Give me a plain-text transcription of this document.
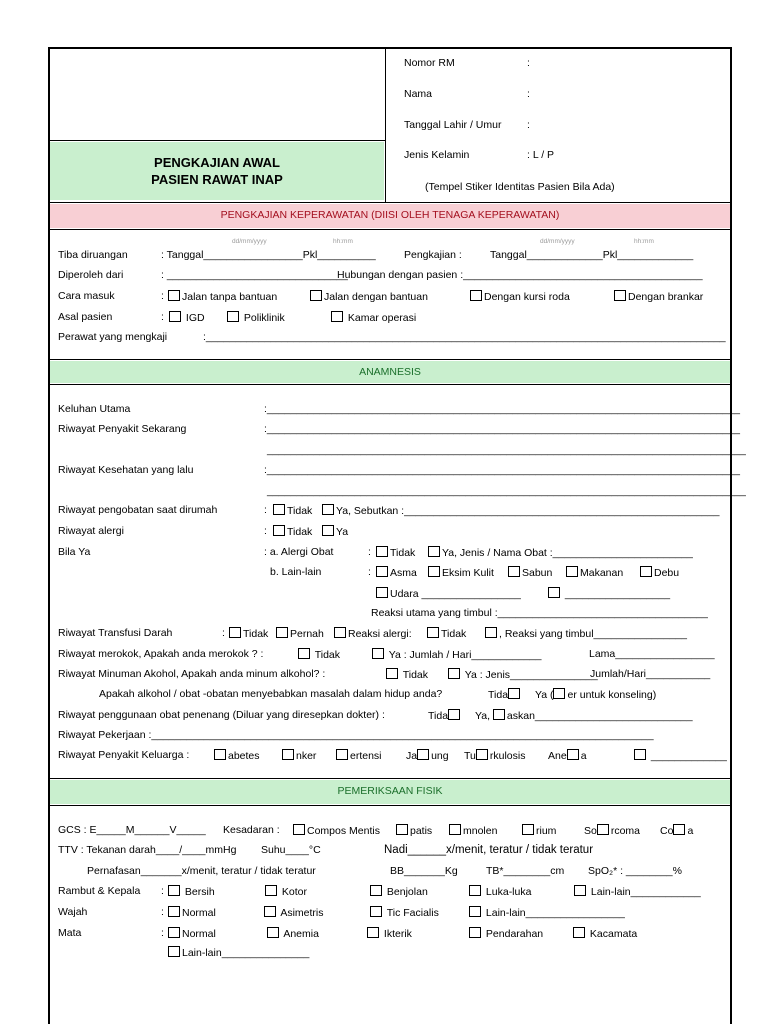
PENGKAJIAN AWAL
PASIEN RAWAT INAP
Nomor RM	:
Nama	:
Tanggal Lahir / Umur :
Jenis Kelamin	: L / P
(Tempel Stiker Identitas Pasien Bila Ada)
PENGKAJIAN KEPERAWATAN (DIISI OLEH TENAGA KEPERAWATAN)
dd/mm/yyyy	hh:mm	dd/mm/yyyy	hh:mm
Tiba diruangan	: Tanggal_________________Pkl__________	Pengkajian :	Tanggal_____________Pkl_____________
Diperoleh dari	: _______________________________
Hubungan dengan pasien :_________________________________________
Cara masuk	:	Jalan tanpa bantuan	Jalan dengan bantuan	Dengan kursi roda	Dengan brankar
Asal pasien	:	IGD	Poliklinik	Kamar operasi
Perawat yang mengkaji	:_________________________________________________________________________________________
ANAMNESIS
Keluhan Utama	:_________________________________________________________________________________
Riwayat Penyakit Sekarang	:_________________________________________________________________________________
__________________________________________________________________________________
Riwayat Kesehatan yang lalu	:_________________________________________________________________________________
__________________________________________________________________________________
Riwayat pengobatan saat dirumah	:	Tidak	Ya, Sebutkan :______________________________________________________
Riwayat alergi	:	Tidak	Ya
Bila Ya	: a. Alergi Obat	:	Tidak	Ya, Jenis / Nama Obat :________________________
b. Lain-lain	:	Asma	Eksim Kulit	Sabun	Makanan	Debu
Udara _________________	__________________
Reaksi utama yang timbul :____________________________________
Riwayat Transfusi Darah	:	Tidak	Pernah	Reaksi alergi:	Tidak	, Reaksi yang timbul________________
Riwayat merokok, Apakah anda merokok ? :	Tidak	Ya : Jumlah / Hari____________	Lama_________________
Riwayat Minuman Akohol, Apakah anda minum alkohol? :	Tidak	Ya : Jenis_______________
Jumlah/Hari___________
Apakah alkohol / obat -obatan menyebabkan masalah dalam hidup anda?	Tida	Ya ( er untuk konseling)
Riwayat penggunaan obat penenang (Diluar yang diresepkan dokter) :	Tida	Ya, askan___________________________
Riwayat Pekerjaan :______________________________________________________________________________________
Riwayat Penyakit Keluarga :	abetes	nker	ertensi Ja ung Tu rkulosis Ane a	_____________
PEMERIKSAAN FISIK
GCS : E_____M______V_____ Kesadaran :	Compos Mentis	patis	mnolen	rium	So rcoma Co a
TTV : Tekanan darah____/____mmHg Suhu____°C	Nadi______x/menit, teratur / tidak teratur
Pernafasan_______x/menit, teratur / tidak teratur	BB_______Kg	TB*________cm SpO₂* : ________%
Rambut & Kepala :	Bersih	Kotor	Benjolan	Luka-luka	Lain-lain____________
Wajah	:	Normal	Asimetris	Tic Facialis	Lain-lain_________________
Mata	:	Normal	Anemia	Ikterik	Pendarahan	Kacamata
Lain-lain_______________
